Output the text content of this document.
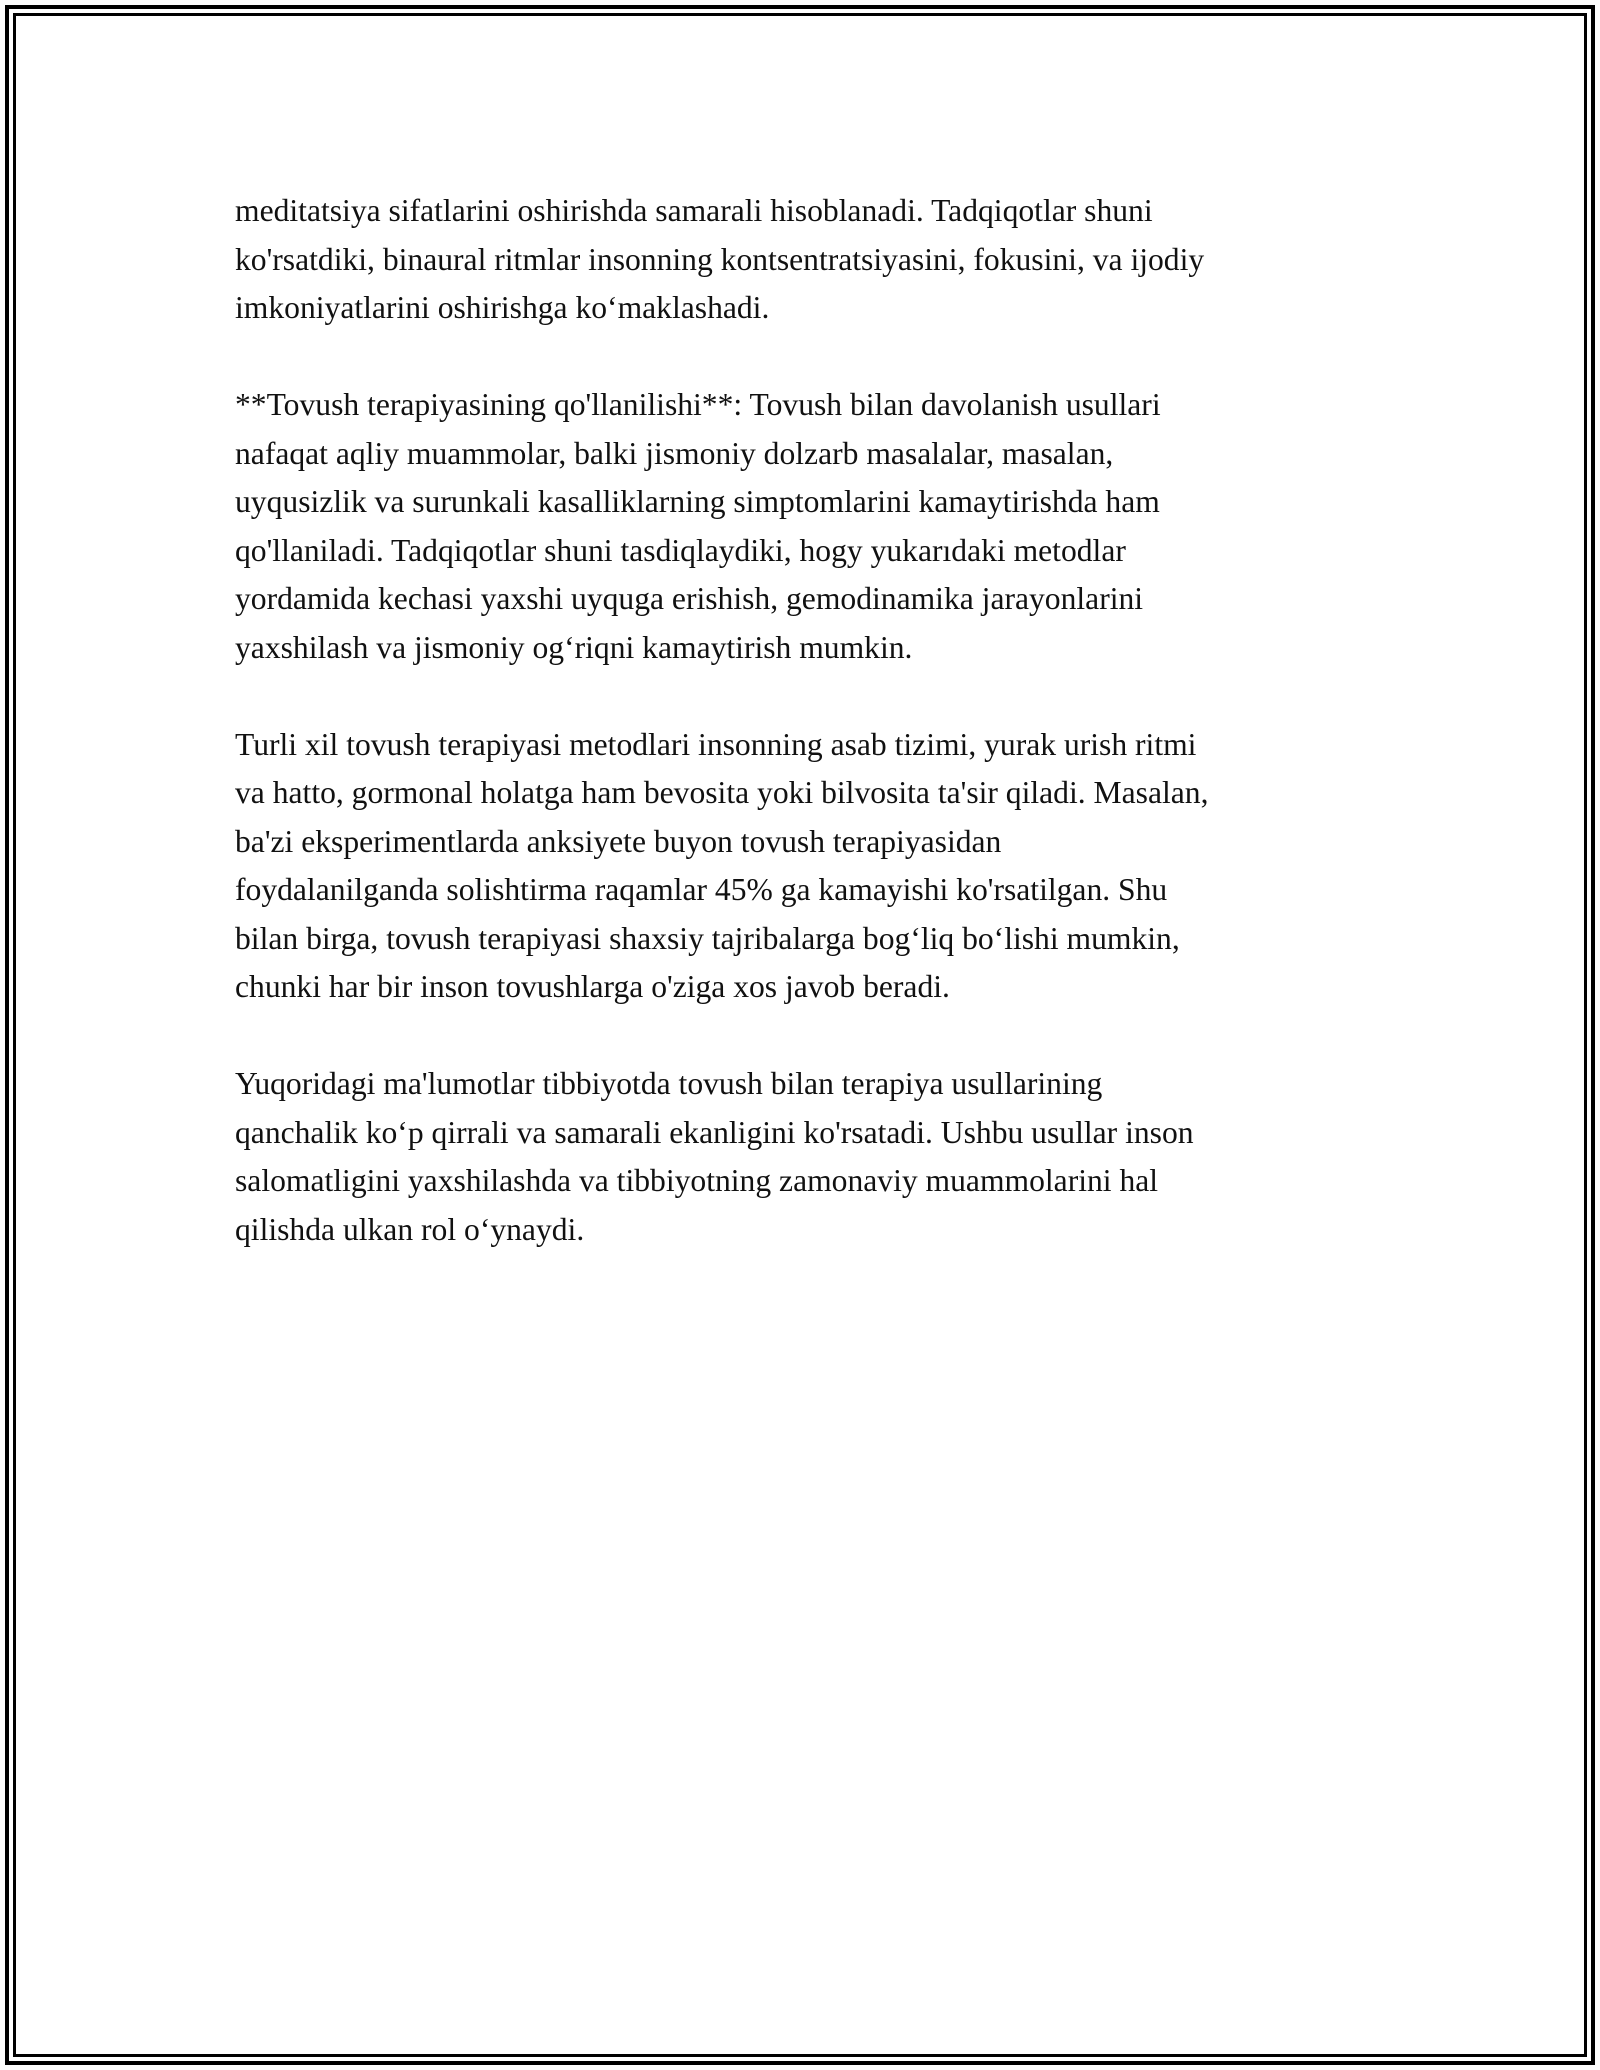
meditatsiya sifatlarini oshirishda samarali hisoblanadi. Tadqiqotlar shuni
ko'rsatdiki, binaural ritmlar insonning kontsentratsiyasini, fokusini, va ijodiy
imkoniyatlarini oshirishga ko‘maklashadi.

**Tovush terapiyasining qo'llanilishi**: Tovush bilan davolanish usullari
nafaqat aqliy muammolar, balki jismoniy dolzarb masalalar, masalan,
uyqusizlik va surunkali kasalliklarning simptomlarini kamaytirishda ham
qo'llaniladi. Tadqiqotlar shuni tasdiqlaydiki, hogy yukarıdaki metodlar
yordamida kechasi yaxshi uyquga erishish, gemodinamika jarayonlarini
yaxshilash va jismoniy og‘riqni kamaytirish mumkin.

Turli xil tovush terapiyasi metodlari insonning asab tizimi, yurak urish ritmi
va hatto, gormonal holatga ham bevosita yoki bilvosita ta'sir qiladi. Masalan,
ba'zi eksperimentlarda anksiyete buyon tovush terapiyasidan
foydalanilganda solishtirma raqamlar 45% ga kamayishi ko'rsatilgan. Shu
bilan birga, tovush terapiyasi shaxsiy tajribalarga bog‘liq bo‘lishi mumkin,
chunki har bir inson tovushlarga o'ziga xos javob beradi.

Yuqoridagi ma'lumotlar tibbiyotda tovush bilan terapiya usullarining
qanchalik ko‘p qirrali va samarali ekanligini ko'rsatadi. Ushbu usullar inson
salomatligini yaxshilashda va tibbiyotning zamonaviy muammolarini hal
qilishda ulkan rol o‘ynaydi.
